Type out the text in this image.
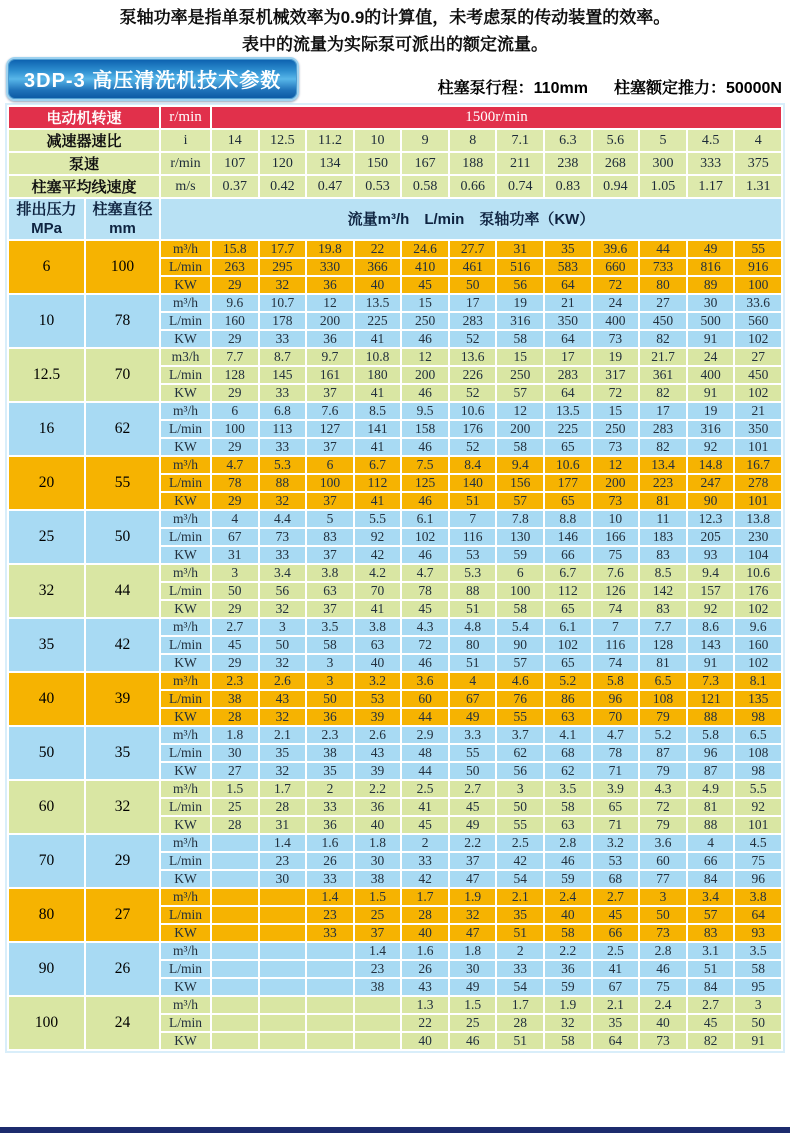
泵轴功率是指单泵机械效率为0.9的计算值，未考虑泵的传动装置的效率。
表中的流量为实际泵可派出的额定流量。
3DP-3 高压清洗机技术参数	柱塞泵行程：110mm 柱塞额定推力：50000N
电动机转速		r/min	1500r/min											
减速器速比		i	14	12.5	11.2	10	9	8	7.1	6.3	5.6	5	4.5	4
泵速		r/min	107	120	134	150	167	188	211	238	268	300	333	375
柱塞平均线速度		m/s	0.37	0.42	0.47	0.53	0.58	0.66	0.74	0.83	0.94	1.05	1.17	1.31

排出压力
MPa

柱塞直径
mm
	流量m³/h　L/min　泵轴功率（KW）
6	100	m³/h	15.8	17.7	19.8	22	24.6	27.7	31	35	39.6	44	49	55
		L/min	263	295	330	366	410	461	516	583	660	733	816	916
		KW	29	32	36	40	45	50	56	64	72	80	89	100
10	78	m³/h	9.6	10.7	12	13.5	15	17	19	21	24	27	30	33.6
		L/min	160	178	200	225	250	283	316	350	400	450	500	560
		KW	29	33	36	41	46	52	58	64	73	82	91	102
12.5	70	m3/h	7.7	8.7	9.7	10.8	12	13.6	15	17	19	21.7	24	27
		L/min	128	145	161	180	200	226	250	283	317	361	400	450
		KW	29	33	37	41	46	52	57	64	72	82	91	102
16	62	m³/h	6	6.8	7.6	8.5	9.5	10.6	12	13.5	15	17	19	21
		L/min	100	113	127	141	158	176	200	225	250	283	316	350
		KW	29	33	37	41	46	52	58	65	73	82	92	101
20	55	m³/h	4.7	5.3	6	6.7	7.5	8.4	9.4	10.6	12	13.4	14.8	16.7
		L/min	78	88	100	112	125	140	156	177	200	223	247	278
		KW	29	32	37	41	46	51	57	65	73	81	90	101
25	50	m³/h	4	4.4	5	5.5	6.1	7	7.8	8.8	10	11	12.3	13.8
		L/min	67	73	83	92	102	116	130	146	166	183	205	230
		KW	31	33	37	42	46	53	59	66	75	83	93	104
32	44	m³/h	3	3.4	3.8	4.2	4.7	5.3	6	6.7	7.6	8.5	9.4	10.6
		L/min	50	56	63	70	78	88	100	112	126	142	157	176
		KW	29	32	37	41	45	51	58	65	74	83	92	102
35	42	m³/h	2.7	3	3.5	3.8	4.3	4.8	5.4	6.1	7	7.7	8.6	9.6
		L/min	45	50	58	63	72	80	90	102	116	128	143	160
		KW	29	32	3	40	46	51	57	65	74	81	91	102
40	39	m³/h	2.3	2.6	3	3.2	3.6	4	4.6	5.2	5.8	6.5	7.3	8.1
		L/min	38	43	50	53	60	67	76	86	96	108	121	135
		KW	28	32	36	39	44	49	55	63	70	79	88	98
50	35	m³/h	1.8	2.1	2.3	2.6	2.9	3.3	3.7	4.1	4.7	5.2	5.8	6.5
		L/min	30	35	38	43	48	55	62	68	78	87	96	108
		KW	27	32	35	39	44	50	56	62	71	79	87	98
60	32	m³/h	1.5	1.7	2	2.2	2.5	2.7	3	3.5	3.9	4.3	4.9	5.5
		L/min	25	28	33	36	41	45	50	58	65	72	81	92
		KW	28	31	36	40	45	49	55	63	71	79	88	101
70	29	m³/h		1.4	1.6	1.8	2	2.2	2.5	2.8	3.2	3.6	4	4.5
		L/min		23	26	30	33	37	42	46	53	60	66	75
		KW		30	33	38	42	47	54	59	68	77	84	96
80	27	m³/h			1.4	1.5	1.7	1.9	2.1	2.4	2.7	3	3.4	3.8
		L/min			23	25	28	32	35	40	45	50	57	64
		KW			33	37	40	47	51	58	66	73	83	93
90	26	m³/h				1.4	1.6	1.8	2	2.2	2.5	2.8	3.1	3.5
		L/min				23	26	30	33	36	41	46	51	58
		KW				38	43	49	54	59	67	75	84	95
100	24	m³/h					1.3	1.5	1.7	1.9	2.1	2.4	2.7	3
		L/min					22	25	28	32	35	40	45	50
		KW					40	46	51	58	64	73	82	91
